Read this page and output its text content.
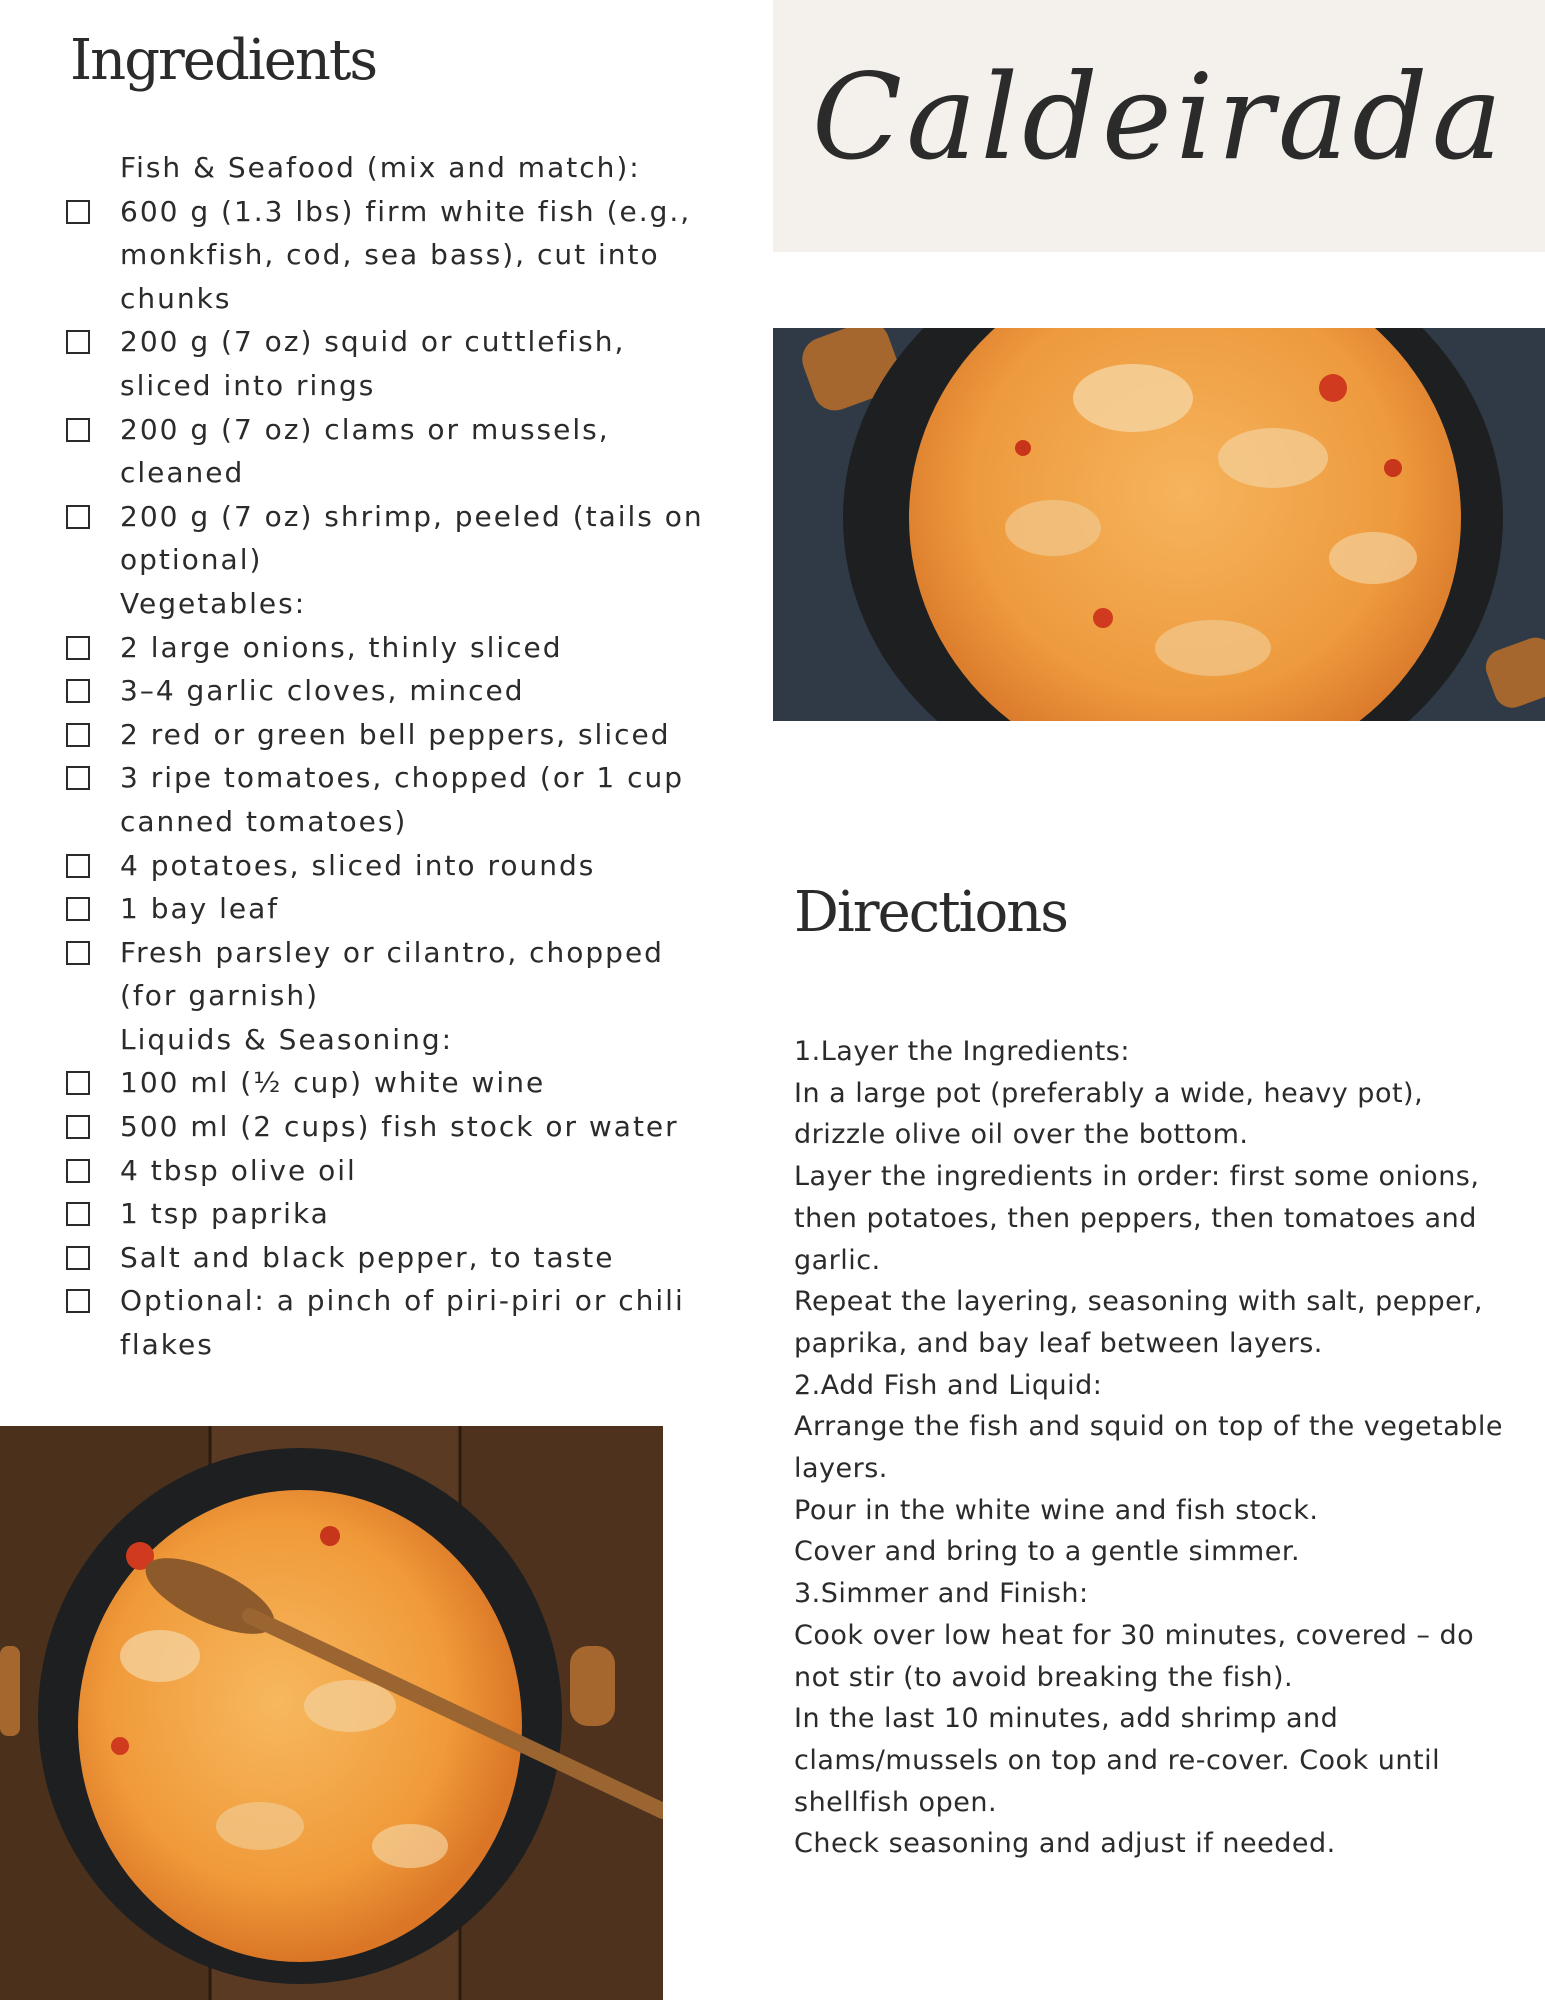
Ingredients
Fish & Seafood (mix and match):
600 g (1.3 lbs) firm white fish (e.g., monkfish, cod, sea bass), cut into chunks
200 g (7 oz) squid or cuttlefish, sliced into rings
200 g (7 oz) clams or mussels, cleaned
200 g (7 oz) shrimp, peeled (tails on optional)
Vegetables:
2 large onions, thinly sliced
3–4 garlic cloves, minced
2 red or green bell peppers, sliced
3 ripe tomatoes, chopped (or 1 cup canned tomatoes)
4 potatoes, sliced into rounds
1 bay leaf
Fresh parsley or cilantro, chopped (for garnish)
Liquids & Seasoning:
100 ml (½ cup) white wine
500 ml (2 cups) fish stock or water
4 tbsp olive oil
1 tsp paprika
Salt and black pepper, to taste
Optional: a pinch of piri-piri or chili flakes
Caldeirada
Directions

1.Layer the Ingredients:

In a large pot (preferably a wide, heavy pot), drizzle olive oil over the bottom.

Layer the ingredients in order: first some onions, then potatoes, then peppers, then tomatoes and garlic.

Repeat the layering, seasoning with salt, pepper, paprika, and bay leaf between layers.

2.Add Fish and Liquid:

Arrange the fish and squid on top of the vegetable layers.

Pour in the white wine and fish stock.

Cover and bring to a gentle simmer.

3.Simmer and Finish:

Cook over low heat for 30 minutes, covered – do not stir (to avoid breaking the fish).

In the last 10 minutes, add shrimp and clams/mussels on top and re-cover. Cook until shellfish open.

Check seasoning and adjust if needed.
